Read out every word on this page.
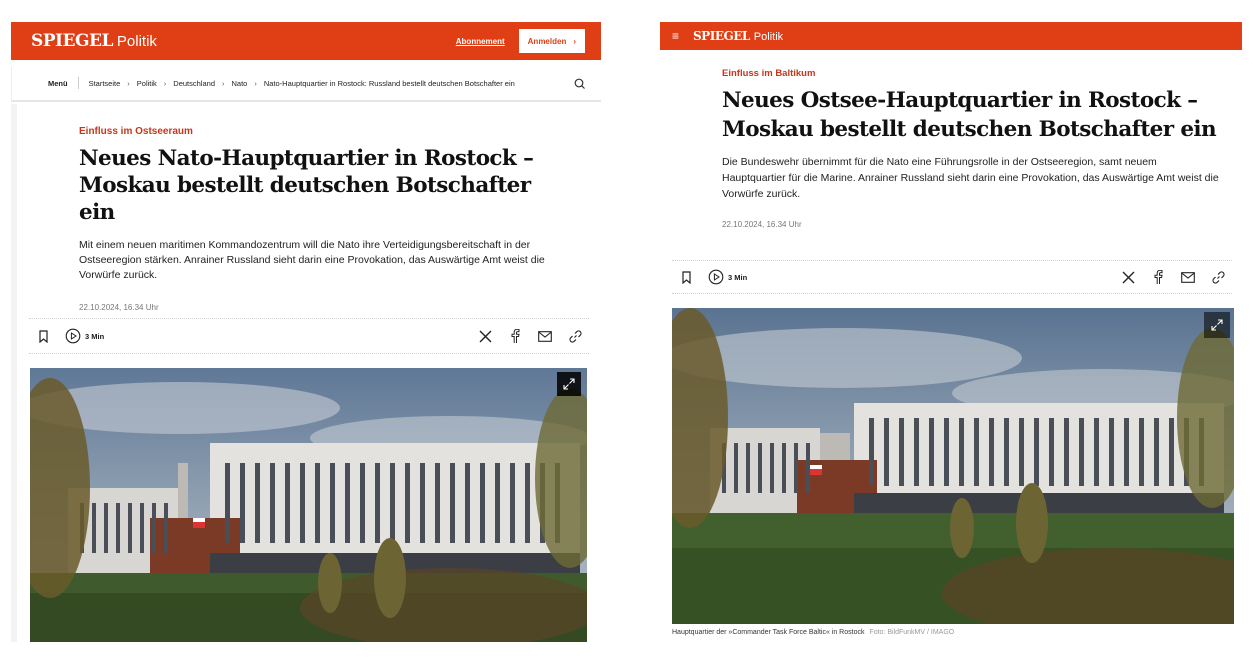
SPIEGEL Politik	Abonnement	Anmelden ›
Menü	Startseite › Politik › Deutschland › Nato › Nato-Hauptquartier in Rostock: Russland bestellt deutschen Botschafter ein
Einfluss im Ostseeraum
Neues Nato-Hauptquartier in Rostock –
Moskau bestellt deutschen Botschafter ein

Mit einem neuen maritimen Kommandozentrum will die Nato ihre Verteidigungsbereitschaft in der Ostseeregion stärken. Anrainer Russland sieht darin eine Provokation, das Auswärtige Amt weist die Vorwürfe zurück.

22.10.2024, 16.34 Uhr
3 Min
≡ SPIEGEL Politik
Einfluss im Baltikum
Neues Ostsee-Hauptquartier in Rostock –
Moskau bestellt deutschen Botschafter ein

Die Bundeswehr übernimmt für die Nato eine Führungsrolle in der Ostseeregion, samt neuem Hauptquartier für die Marine. Anrainer Russland sieht darin eine Provokation, das Auswärtige Amt weist die Vorwürfe zurück.

22.10.2024, 16.34 Uhr
3 Min
Hauptquartier der »Commander Task Force Baltic« in Rostock Foto: BildFunkMV / IMAGO
